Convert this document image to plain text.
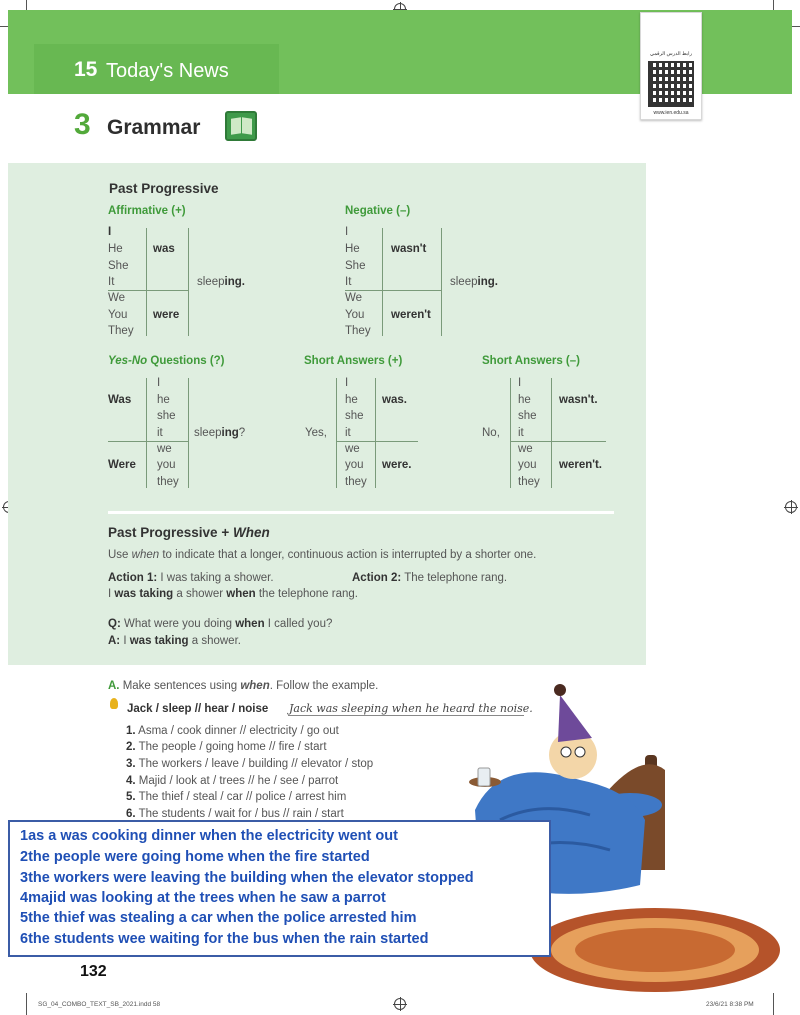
15 Today's News
رابط الدرس الرقمي
www.ien.edu.sa
3 Grammar
Past Progressive
Affirmative (+)
I
He
She
It
was
We
You
They
were
sleeping.
Negative (–)
I
He
She
It
wasn't
We
You
They
weren't
sleeping.
Yes-No Questions (?)
Was
I
he
she
it
Were
we
you
they
sleeping?
Short Answers (+)
Yes,
I
he
she
it
was.
we
you
they
were.
Short Answers (–)
No,
I
he
she
it
wasn't.
we
you
they
weren't.
Past Progressive + When
Use when to indicate that a longer, continuous action is interrupted by a shorter one.
Action 1: I was taking a shower.	Action 2: The telephone rang.
I was taking a shower when the telephone rang.
Q: What were you doing when I called you?
A: I was taking a shower.
A. Make sentences using when. Follow the example.
Jack / sleep // hear / noise Jack was sleeping when he heard the noise.
1. Asma / cook dinner // electricity / go out
2. The people / going home // fire / start
3. The workers / leave / building // elevator / stop
4. Majid / look at / trees // he / see / parrot
5. The thief / steal / car // police / arrest him
6. The students / wait for / bus // rain / start
1as a was cooking dinner when the electricity went out
2the people were going home when the fire started
3the workers were leaving the building when the elevator stopped
4majid was looking at the trees when he saw a parrot
5the thief was stealing a car when the police arrested him
6the students wee waiting for the bus when the rain started
132
SG_04_COMBO_TEXT_SB_2021.indd 58	23/6/21 8:38 PM
